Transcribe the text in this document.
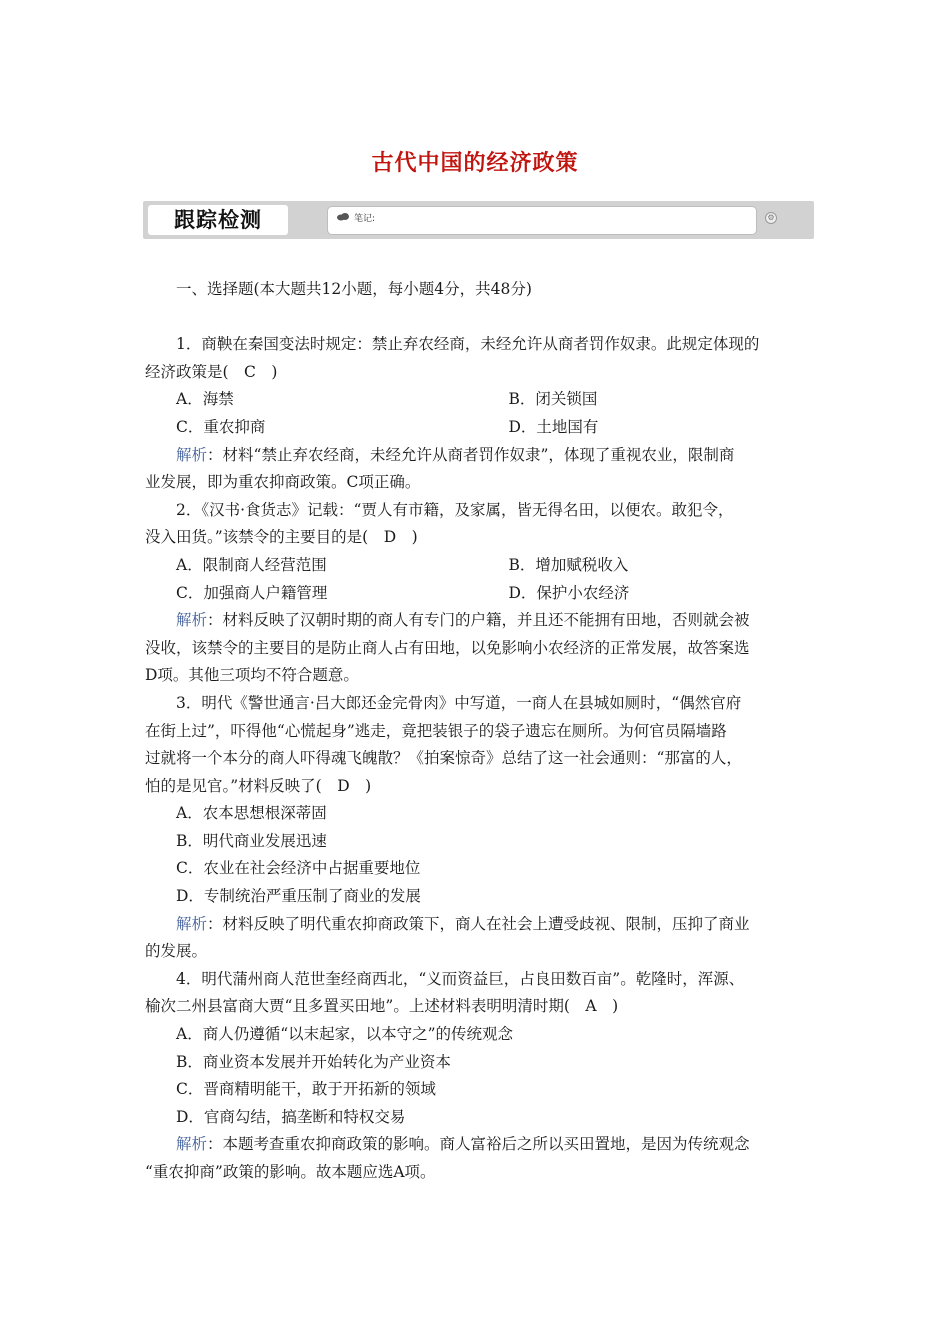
古代中国的经济政策
跟踪检测	笔记:	⚙
一、选择题(本大题共12小题，每小题4分，共48分)
1．商鞅在秦国变法时规定：禁止弃农经商，未经允许从商者罚作奴隶。此规定体现的
经济政策是(　C　)
A．海禁	B．闭关锁国
C．重农抑商	D．土地国有
解析：材料“禁止弃农经商，未经允许从商者罚作奴隶”，体现了重视农业，限制商
业发展，即为重农抑商政策。C项正确。
2．《汉书·食货志》记载：“贾人有市籍，及家属，皆无得名田，以便农。敢犯令，
没入田货。”该禁令的主要目的是(　D　)
A．限制商人经营范围	B．增加赋税收入
C．加强商人户籍管理	D．保护小农经济
解析：材料反映了汉朝时期的商人有专门的户籍，并且还不能拥有田地，否则就会被
没收，该禁令的主要目的是防止商人占有田地，以免影响小农经济的正常发展，故答案选
D项。其他三项均不符合题意。
3．明代《警世通言·吕大郎还金完骨肉》中写道，一商人在县城如厕时，“偶然官府
在街上过”，吓得他“心慌起身”逃走，竟把装银子的袋子遗忘在厕所。为何官员隔墙路
过就将一个本分的商人吓得魂飞魄散？《拍案惊奇》总结了这一社会通则：“那富的人，
怕的是见官。”材料反映了(　D　)
A．农本思想根深蒂固
B．明代商业发展迅速
C．农业在社会经济中占据重要地位
D．专制统治严重压制了商业的发展
解析：材料反映了明代重农抑商政策下，商人在社会上遭受歧视、限制，压抑了商业
的发展。
4．明代蒲州商人范世奎经商西北，“义而资益巨，占良田数百亩”。乾隆时，浑源、
榆次二州县富商大贾“且多置买田地”。上述材料表明明清时期(　A　)
A．商人仍遵循“以末起家，以本守之”的传统观念
B．商业资本发展并开始转化为产业资本
C．晋商精明能干，敢于开拓新的领域
D．官商勾结，搞垄断和特权交易
解析：本题考查重农抑商政策的影响。商人富裕后之所以买田置地，是因为传统观念
“重农抑商”政策的影响。故本题应选A项。
